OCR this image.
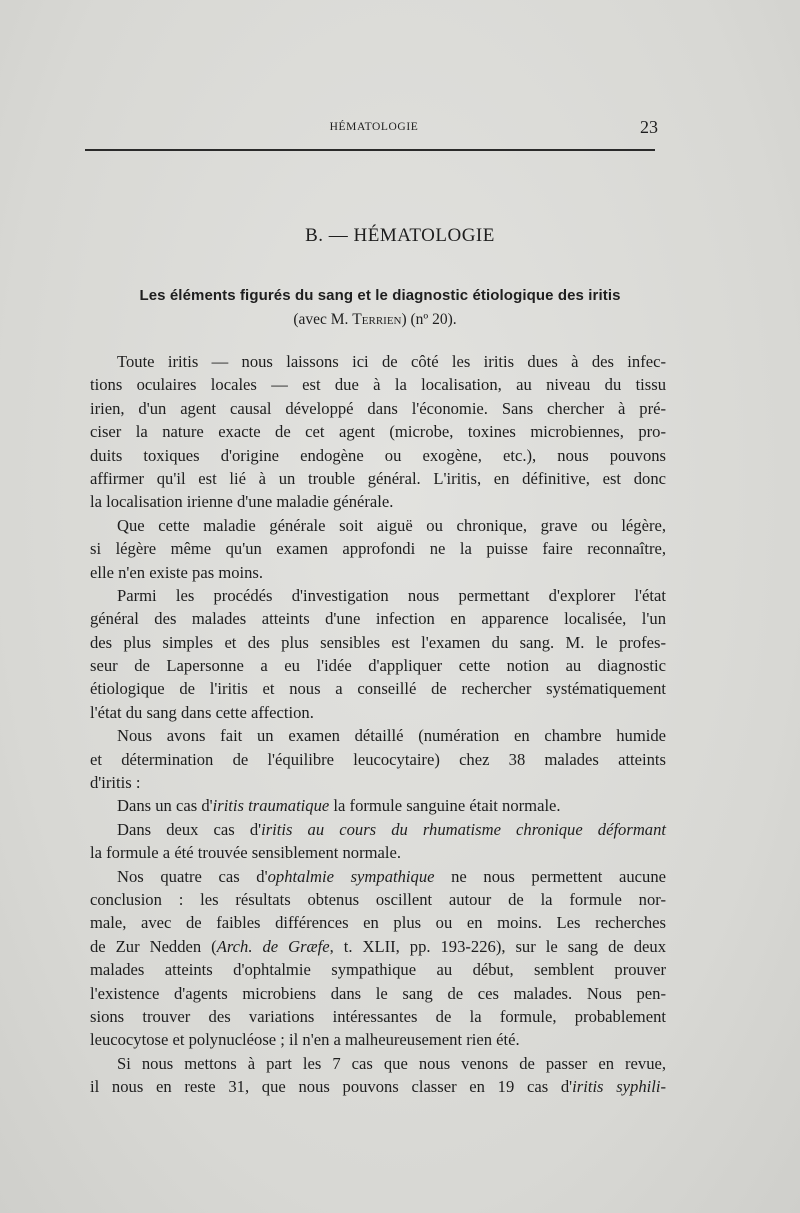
HÉMATOLOGIE	23
B. — HÉMATOLOGIE
Les éléments figurés du sang et le diagnostic étiologique des iritis
(avec M. Terrien) (nº 20).
Toute iritis — nous laissons ici de côté les iritis dues à des infec-
tions oculaires locales — est due à la localisation, au niveau du tissu
irien, d'un agent causal développé dans l'économie. Sans chercher à pré-
ciser la nature exacte de cet agent (microbe, toxines microbiennes, pro-
duits toxiques d'origine endogène ou exogène, etc.), nous pouvons
affirmer qu'il est lié à un trouble général. L'iritis, en définitive, est donc
la localisation irienne d'une maladie générale.
Que cette maladie générale soit aiguë ou chronique, grave ou légère,
si légère même qu'un examen approfondi ne la puisse faire reconnaître,
elle n'en existe pas moins.
Parmi les procédés d'investigation nous permettant d'explorer l'état
général des malades atteints d'une infection en apparence localisée, l'un
des plus simples et des plus sensibles est l'examen du sang. M. le profes-
seur de Lapersonne a eu l'idée d'appliquer cette notion au diagnostic
étiologique de l'iritis et nous a conseillé de rechercher systématiquement
l'état du sang dans cette affection.
Nous avons fait un examen détaillé (numération en chambre humide
et détermination de l'équilibre leucocytaire) chez 38 malades atteints
d'iritis :
Dans un cas d'iritis traumatique la formule sanguine était normale.
Dans deux cas d'iritis au cours du rhumatisme chronique déformant
la formule a été trouvée sensiblement normale.
Nos quatre cas d'ophtalmie sympathique ne nous permettent aucune
conclusion : les résultats obtenus oscillent autour de la formule nor-
male, avec de faibles différences en plus ou en moins. Les recherches
de Zur Nedden (Arch. de Græfe, t. XLII, pp. 193-226), sur le sang de deux
malades atteints d'ophtalmie sympathique au début, semblent prouver
l'existence d'agents microbiens dans le sang de ces malades. Nous pen-
sions trouver des variations intéressantes de la formule, probablement
leucocytose et polynucléose ; il n'en a malheureusement rien été.
Si nous mettons à part les 7 cas que nous venons de passer en revue,
il nous en reste 31, que nous pouvons classer en 19 cas d'iritis syphili-
